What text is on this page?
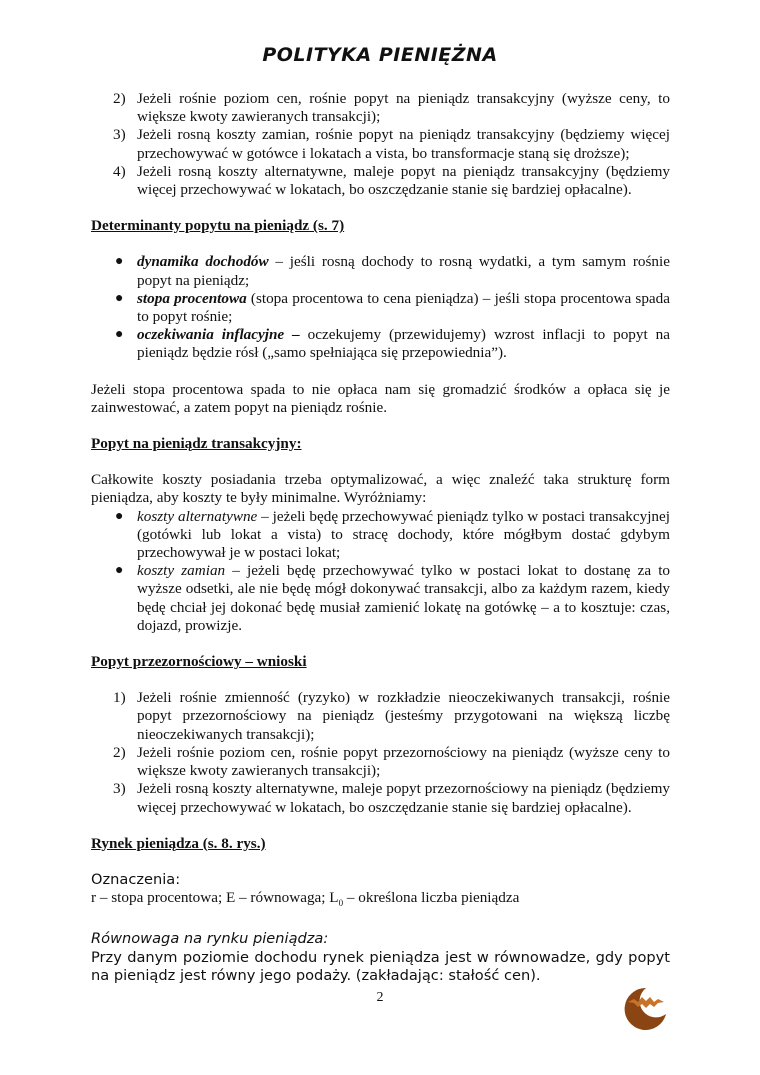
POLITYKA PIENIĘŻNA
2) Jeżeli rośnie poziom cen, rośnie popyt na pieniądz transakcyjny (wyższe ceny, to większe kwoty zawieranych transakcji);
3) Jeżeli rosną koszty zamian, rośnie popyt na pieniądz transakcyjny (będziemy więcej przechowywać w gotówce i lokatach a vista, bo transformacje staną się droższe);
4) Jeżeli rosną koszty alternatywne, maleje popyt na pieniądz transakcyjny (będziemy więcej przechowywać w lokatach, bo oszczędzanie stanie się bardziej opłacalne).

Determinanty popytu na pieniądz (s. 7)

● dynamika dochodów – jeśli rosną dochody to rosną wydatki, a tym samym rośnie popyt na pieniądz;
● stopa procentowa (stopa procentowa to cena pieniądza) – jeśli stopa procentowa spada to popyt rośnie;
● oczekiwania inflacyjne – oczekujemy (przewidujemy) wzrost inflacji to popyt na pieniądz będzie rósł („samo spełniająca się przepowiednia”).

Jeżeli stopa procentowa spada to nie opłaca nam się gromadzić środków a opłaca się je zainwestować, a zatem popyt na pieniądz rośnie.

Popyt na pieniądz transakcyjny:

Całkowite koszty posiadania trzeba optymalizować, a więc znaleźć taka strukturę form pieniądza, aby koszty te były minimalne. Wyróżniamy:

● koszty alternatywne – jeżeli będę przechowywać pieniądz tylko w postaci transakcyjnej (gotówki lub lokat a vista) to stracę dochody, które mógłbym dostać gdybym przechowywał je w postaci lokat;
● koszty zamian – jeżeli będę przechowywać tylko w postaci lokat to dostanę za to wyższe odsetki, ale nie będę mógł dokonywać transakcji, albo za każdym razem, kiedy będę chciał jej dokonać będę musiał zamienić lokatę na gotówkę – a to kosztuje: czas, dojazd, prowizje.

Popyt przezornościowy – wnioski

1) Jeżeli rośnie zmienność (ryzyko) w rozkładzie nieoczekiwanych transakcji, rośnie popyt przezornościowy na pieniądz (jesteśmy przygotowani na większą liczbę nieoczekiwanych transakcji);
2) Jeżeli rośnie poziom cen, rośnie popyt przezornościowy na pieniądz (wyższe ceny to większe kwoty zawieranych transakcji);
3) Jeżeli rosną koszty alternatywne, maleje popyt przezornościowy na pieniądz (będziemy więcej przechowywać w lokatach, bo oszczędzanie stanie się bardziej opłacalne).

Rynek pieniądza (s. 8. rys.)

Oznaczenia:
r – stopa procentowa; E – równowaga; $L_0$ – określona liczba pieniądza
Równowaga na rynku pieniądza:

Przy danym poziomie dochodu rynek pieniądza jest w równowadze, gdy popyt na pieniądz jest równy jego podaży. (zakładając: stałość cen).

2
